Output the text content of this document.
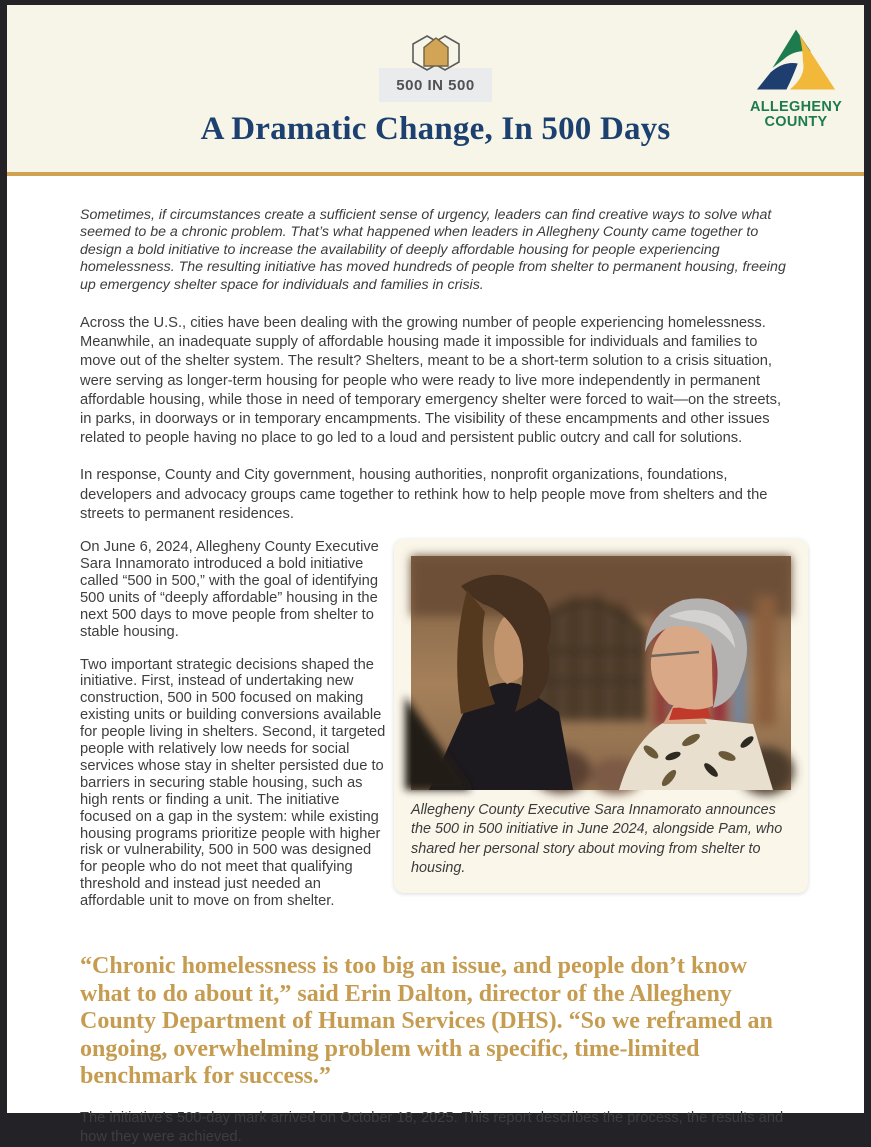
500 IN 500
ALLEGHENY
COUNTY
A Dramatic Change, In 500 Days
Sometimes, if circumstances create a sufficient sense of urgency, leaders can find creative ways to solve what seemed to be a chronic problem. That’s what happened when leaders in Allegheny County came together to design a bold initiative to increase the availability of deeply affordable housing for people experiencing homelessness. The resulting initiative has moved hundreds of people from shelter to permanent housing, freeing up emergency shelter space for individuals and families in crisis.

Across the U.S., cities have been dealing with the growing number of people experiencing homelessness. Meanwhile, an inadequate supply of affordable housing made it impossible for individuals and families to move out of the shelter system. The result? Shelters, meant to be a short-term solution to a crisis situation, were serving as longer-term housing for people who were ready to live more independently in permanent affordable housing, while those in need of temporary emergency shelter were forced to wait—on the streets, in parks, in doorways or in temporary encampments. The visibility of these encampments and other issues related to people having no place to go led to a loud and persistent public outcry and call for solutions.

In response, County and City government, housing authorities, nonprofit organizations, foundations, developers and advocacy groups came together to rethink how to help people move from shelters and the streets to permanent residences.

On June 6, 2024, Allegheny County Executive Sara Innamorato introduced a bold initiative called “500 in 500,” with the goal of identifying 500 units of “deeply affordable” housing in the next 500 days to move people from shelter to stable housing.

Two important strategic decisions shaped the initiative. First, instead of undertaking new construction, 500 in 500 focused on making existing units or building conversions available for people living in shelters. Second, it targeted people with relatively low needs for social services whose stay in shelter persisted due to barriers in securing stable housing, such as high rents or finding a unit. The initiative focused on a gap in the system: while existing housing programs prioritize people with higher risk or vulnerability, 500 in 500 was designed for people who do not meet that qualifying threshold and instead just needed an affordable unit to move on from shelter.

Allegheny County Executive Sara Innamorato announces the 500 in 500 initiative in June 2024, alongside Pam, who shared her personal story about moving from shelter to housing.
“Chronic homelessness is too big an issue, and people don’t know what to do about it,” said Erin Dalton, director of the Allegheny County Department of Human Services (DHS). “So we reframed an ongoing, overwhelming problem with a specific, time-limited benchmark for success.”

The initiative’s 500-day mark arrived on October 18, 2025. This report describes the process, the results and how they were achieved.
